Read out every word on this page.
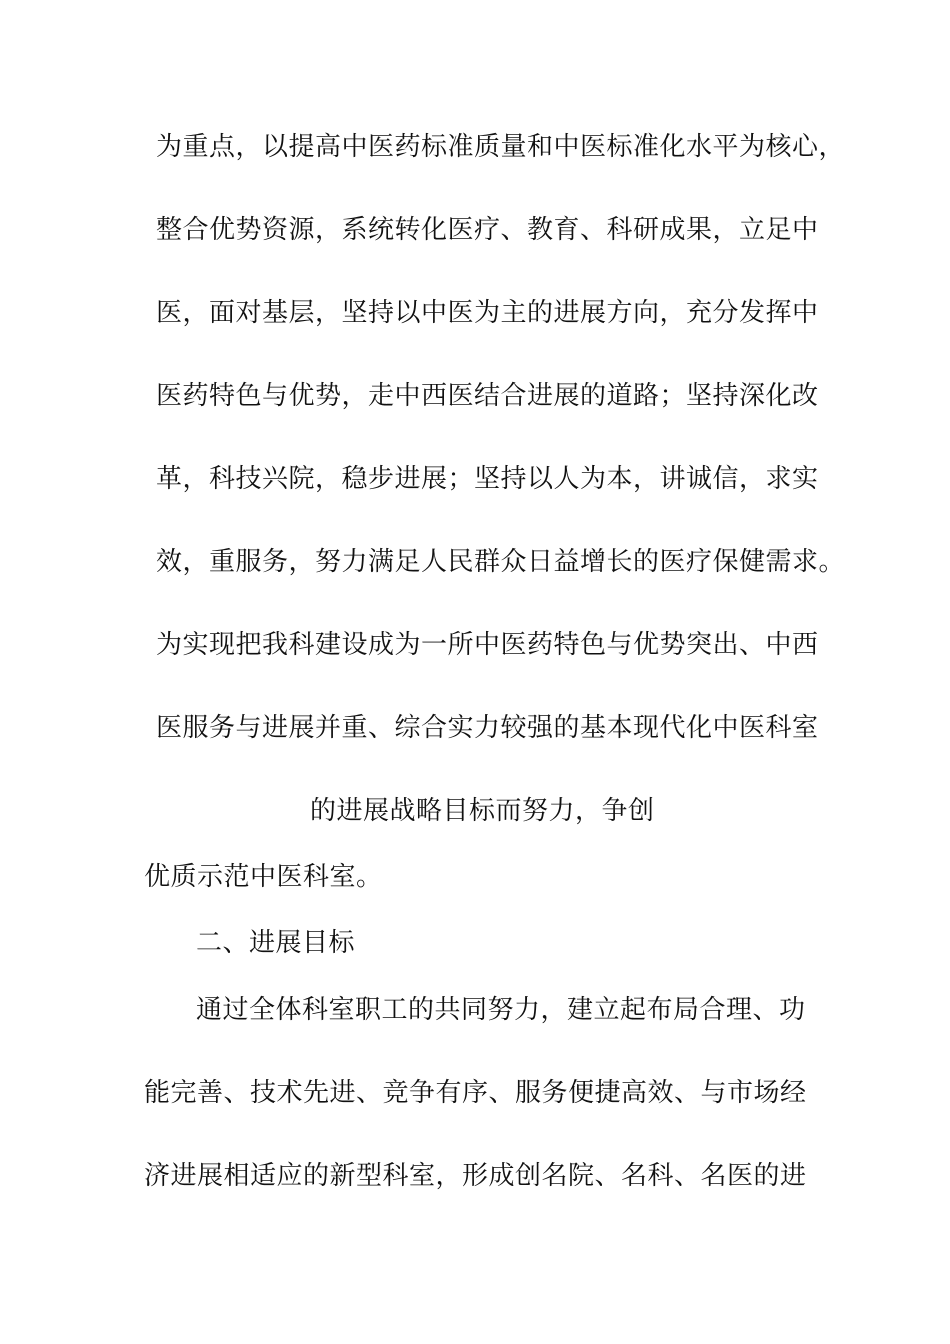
为重点，以提高中医药标准质量和中医标准化水平为核心，
整合优势资源，系统转化医疗、教育、科研成果，立足中
医，面对基层，坚持以中医为主的进展方向，充分发挥中
医药特色与优势，走中西医结合进展的道路；坚持深化改
革，科技兴院，稳步进展；坚持以人为本，讲诚信，求实
效，重服务，努力满足人民群众日益增长的医疗保健需求。
为实现把我科建设成为一所中医药特色与优势突出、中西
医服务与进展并重、综合实力较强的基本现代化中医科室
的进展战略目标而努力，争创
优质示范中医科室。
二、进展目标
通过全体科室职工的共同努力，建立起布局合理、功
能完善、技术先进、竞争有序、服务便捷高效、与市场经
济进展相适应的新型科室，形成创名院、名科、名医的进
